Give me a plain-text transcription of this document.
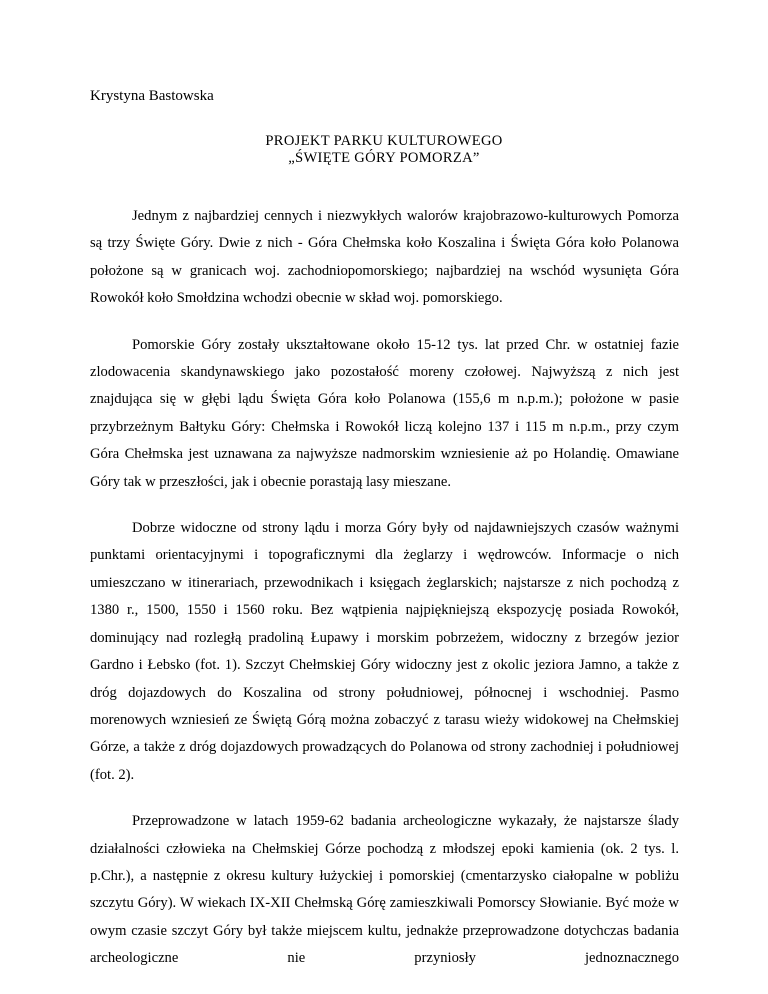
Krystyna Bastowska

PROJEKT PARKU KULTUROWEGO
„ŚWIĘTE GÓRY POMORZA”

Jednym z najbardziej cennych i niezwykłych walorów krajobrazowo-kulturowych Pomorza są trzy Święte Góry. Dwie z nich - Góra Chełmska koło Koszalina i Święta Góra koło Polanowa położone są w granicach woj. zachodniopomorskiego; najbardziej na wschód wysunięta Góra Rowokół koło Smołdzina wchodzi obecnie w skład woj. pomorskiego.

Pomorskie Góry zostały ukształtowane około 15-12 tys. lat przed Chr. w ostatniej fazie zlodowacenia skandynawskiego jako pozostałość moreny czołowej. Najwyższą z nich jest znajdująca się w głębi lądu Święta Góra koło Polanowa (155,6 m n.p.m.); położone w pasie przybrzeżnym Bałtyku Góry: Chełmska i Rowokół liczą kolejno 137 i 115 m n.p.m., przy czym Góra Chełmska jest uznawana za najwyższe nadmorskim wzniesienie aż po Holandię. Omawiane Góry tak w przeszłości, jak i obecnie porastają lasy mieszane.

Dobrze widoczne od strony lądu i morza Góry były od najdawniejszych czasów ważnymi punktami orientacyjnymi i topograficznymi dla żeglarzy i wędrowców. Informacje o nich umieszczano w itinerariach, przewodnikach i księgach żeglarskich; najstarsze z nich pochodzą z 1380 r., 1500, 1550 i 1560 roku. Bez wątpienia najpiękniejszą ekspozycję posiada Rowokół, dominujący nad rozległą pradoliną Łupawy i morskim pobrzeżem, widoczny z brzegów jezior Gardno i Łebsko (fot. 1). Szczyt Chełmskiej Góry widoczny jest z okolic jeziora Jamno, a także z dróg dojazdowych do Koszalina od strony południowej, północnej i wschodniej. Pasmo morenowych wzniesień ze Świętą Górą można zobaczyć z tarasu wieży widokowej na Chełmskiej Górze, a także z dróg dojazdowych prowadzących do Polanowa od strony zachodniej i południowej (fot. 2).

Przeprowadzone w latach 1959-62 badania archeologiczne wykazały, że najstarsze ślady działalności człowieka na Chełmskiej Górze pochodzą z młodszej epoki kamienia (ok. 2 tys. l. p.Chr.), a następnie z okresu kultury łużyckiej i pomorskiej (cmentarzysko ciałopalne w pobliżu szczytu Góry). W wiekach IX-XII Chełmską Górę zamieszkiwali Pomorscy Słowianie. Być może w owym czasie szczyt Góry był także miejscem kultu, jednakże przeprowadzone dotychczas badania archeologiczne nie przyniosły jednoznacznego
